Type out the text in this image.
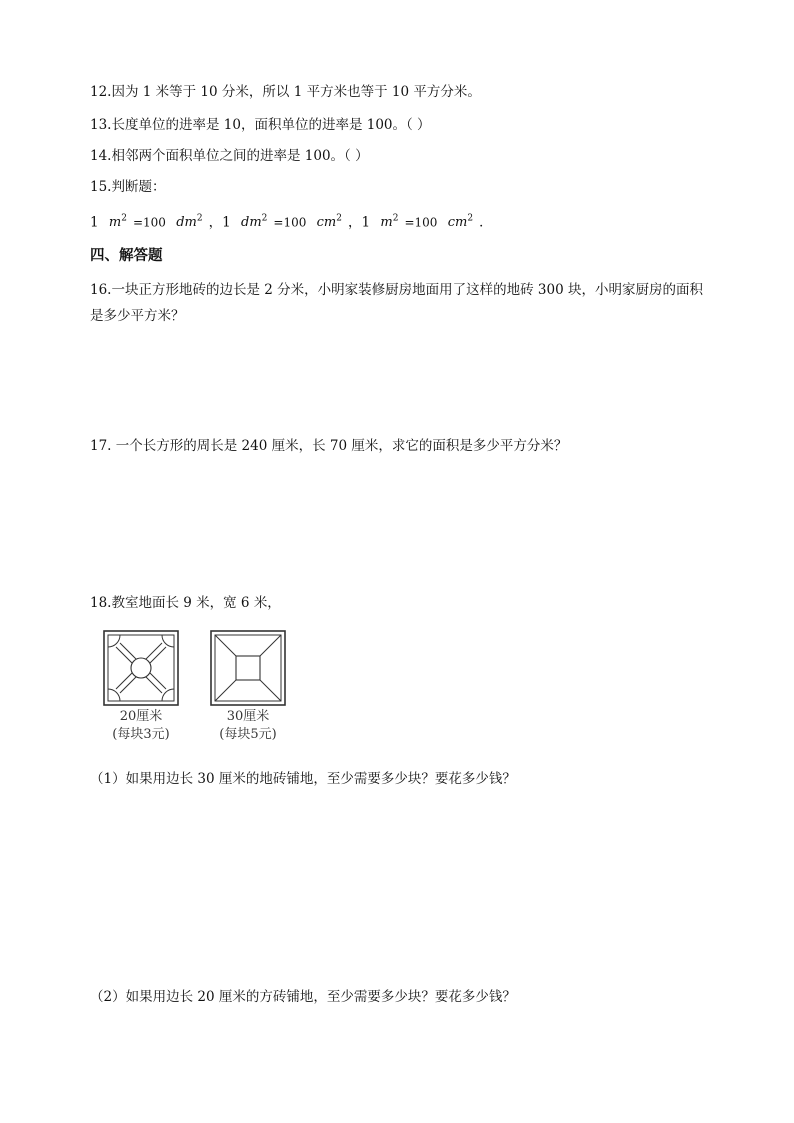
12.因为 1 米等于 10 分米，所以 1 平方米也等于 10 平方分米。
13.长度单位的进率是 10，面积单位的进率是 100。（ ）
14.相邻两个面积单位之间的进率是 100。（ ）
15.判断题：
1 $m^2 =100$ $dm^2$ ，1 $dm^2 =100$ $cm^2$ ，1 $m^2 =100$ $cm^2$ ．
四、解答题
16.一块正方形地砖的边长是 2 分米，小明家装修厨房地面用了这样的地砖 300 块，小明家厨房的面积是多少平方米？
17. 一个长方形的周长是 240 厘米，长 70 厘米，求它的面积是多少平方分米？
18.教室地面长 9 米，宽 6 米，
20厘米
(每块3元)
30厘米
(每块5元)
（1）如果用边长 30 厘米的地砖铺地，至少需要多少块？要花多少钱？
（2）如果用边长 20 厘米的方砖铺地，至少需要多少块？要花多少钱？
